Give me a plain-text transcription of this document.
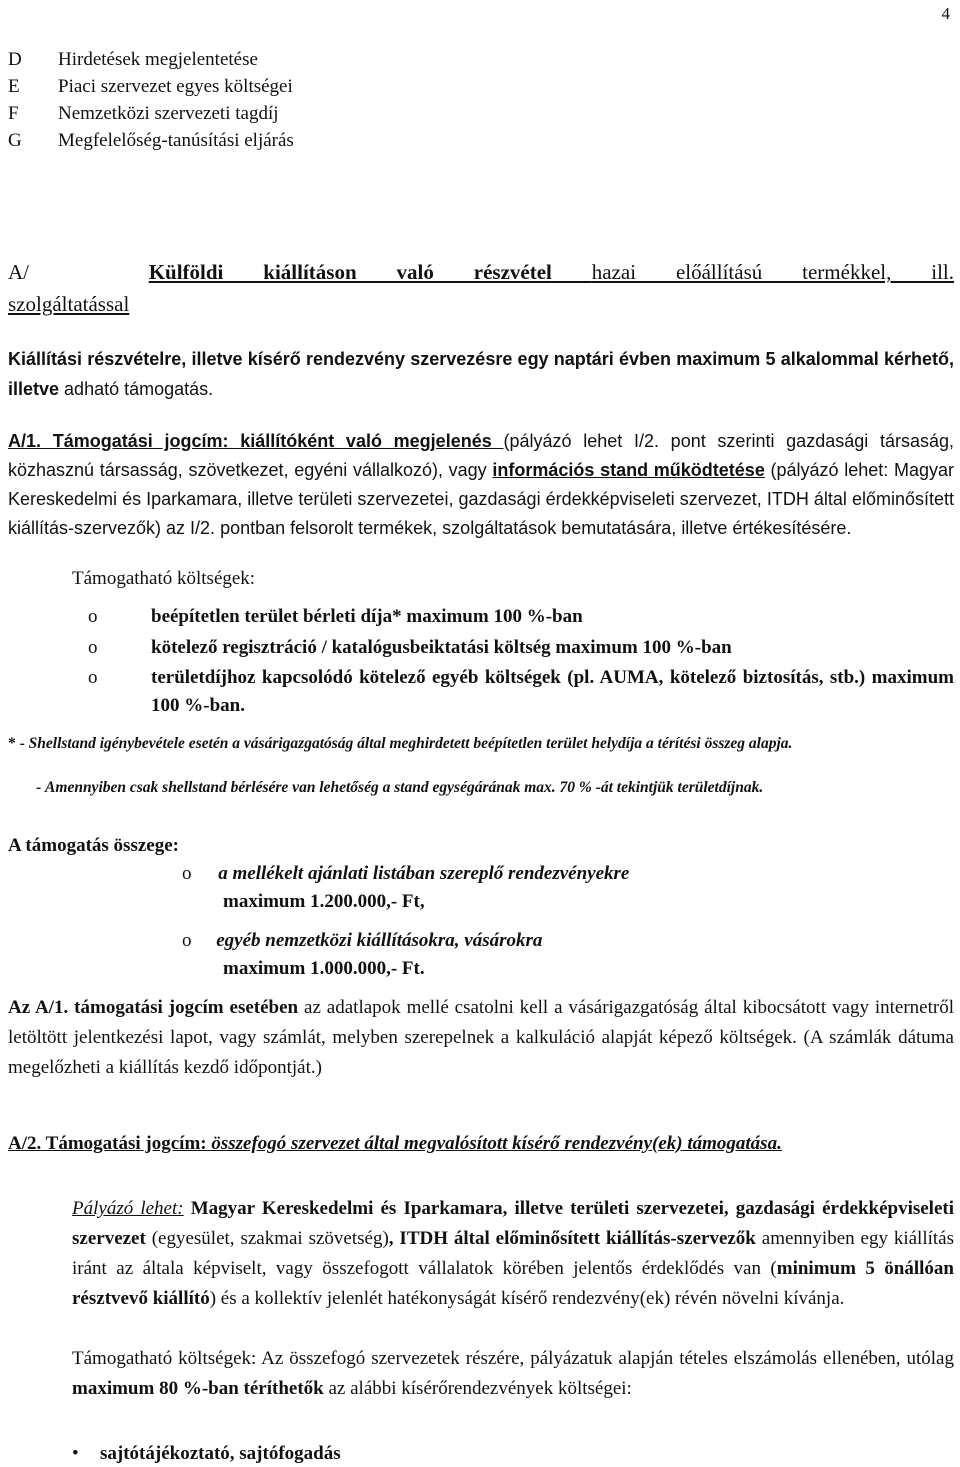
4
D	Hirdetések megjelentetése
E	Piaci szervezet egyes költségei
F	Nemzetközi szervezeti tagdíj
G	Megfelelőség-tanúsítási eljárás
A/	Külföldi kiállításon való részvétel hazai előállítású termékkel, ill.
szolgáltatással
Kiállítási részvételre, illetve kísérő rendezvény szervezésre egy naptári évben maximum 5 alkalommal kérhető, illetve adható támogatás.
A/1. Támogatási jogcím: kiállítóként való megjelenés (pályázó lehet I/2. pont szerinti gazdasági társaság, közhasznú társasság, szövetkezet, egyéni vállalkozó), vagy információs stand működtetése (pályázó lehet: Magyar Kereskedelmi és Iparkamara, illetve területi szervezetei, gazdasági érdekképviseleti szervezet, ITDH által előminősített kiállítás-szervezők) az I/2. pontban felsorolt termékek, szolgáltatások bemutatására, illetve értékesítésére.
Támogatható költségek:
o	beépítetlen terület bérleti díja* maximum 100 %-ban
o	kötelező regisztráció / katalógusbeiktatási költség maximum 100 %-ban
o	területdíjhoz kapcsolódó kötelező egyéb költségek (pl. AUMA, kötelező biztosítás, stb.) maximum 100 %-ban.
* - Shellstand igénybevétele esetén a vásárigazgatóság által meghirdetett beépítetlen terület helydíja a térítési összeg alapja.
- Amennyiben csak shellstand bérlésére van lehetőség a stand egységárának max. 70 % -át tekintjük területdíjnak.
A támogatás összege:
o a mellékelt ajánlati listában szereplő rendezvényekre
maximum 1.200.000,- Ft,
o egyéb nemzetközi kiállításokra, vásárokra
maximum 1.000.000,- Ft.
Az A/1. támogatási jogcím esetében az adatlapok mellé csatolni kell a vásárigazgatóság által kibocsátott vagy internetről letöltött jelentkezési lapot, vagy számlát, melyben szerepelnek a kalkuláció alapját képező költségek. (A számlák dátuma megelőzheti a kiállítás kezdő időpontját.)
A/2. Támogatási jogcím: összefogó szervezet által megvalósított kísérő rendezvény(ek) támogatása.
Pályázó lehet: Magyar Kereskedelmi és Iparkamara, illetve területi szervezetei, gazdasági érdekképviseleti szervezet (egyesület, szakmai szövetség), ITDH által előminősített kiállítás-szervezők amennyiben egy kiállítás iránt az általa képviselt, vagy összefogott vállalatok körében jelentős érdeklődés van (minimum 5 önállóan résztvevő kiállító) és a kollektív jelenlét hatékonyságát kísérő rendezvény(ek) révén növelni kívánja.
Támogatható költségek: Az összefogó szervezetek részére, pályázatuk alapján tételes elszámolás ellenében, utólag maximum 80 %-ban téríthetők az alábbi kísérőrendezvények költségei:
• sajtótájékoztató, sajtófogadás
